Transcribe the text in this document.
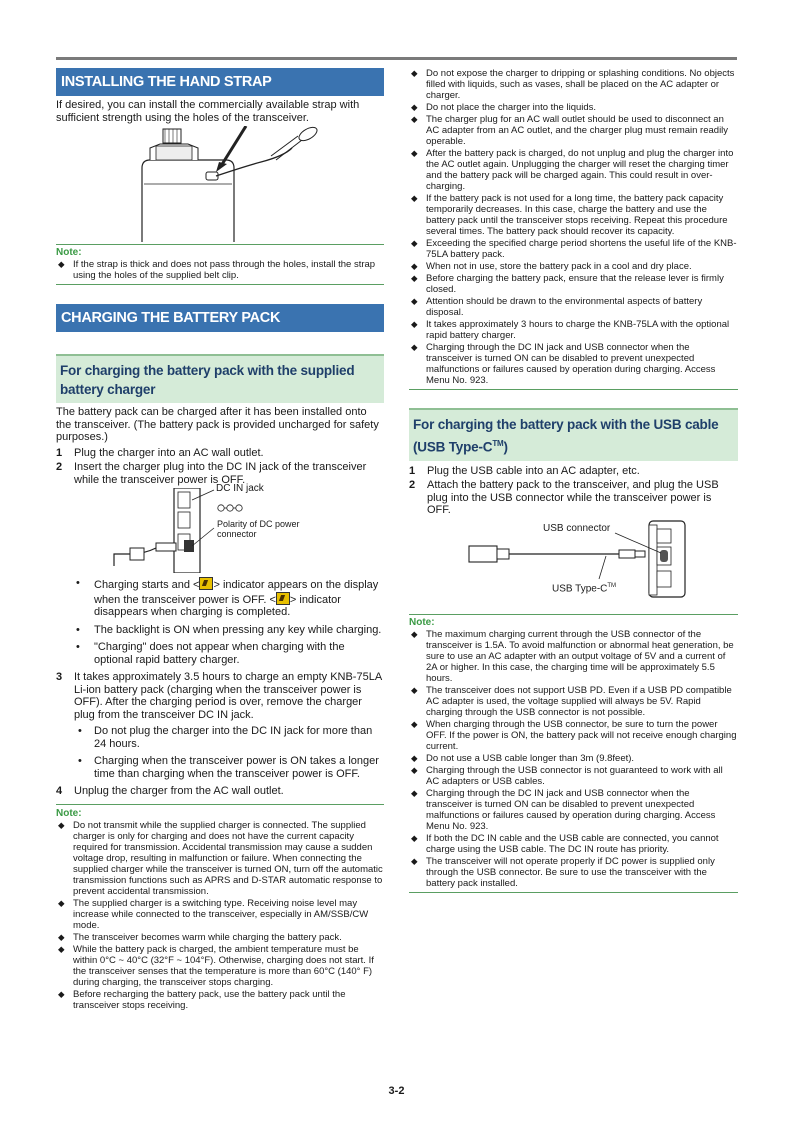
INSTALLING THE HAND STRAP

If desired, you can install the commercially available strap with sufficient strength using the holes of the transceiver.

Note:

◆ If the strap is thick and does not pass through the holes, install the strap using the holes of the supplied belt clip.
CHARGING THE BATTERY PACK
For charging the battery pack with the supplied battery charger

The battery pack can be charged after it has been installed onto the transceiver. (The battery pack is provided uncharged for safety purposes.)

1 Plug the charger into an AC wall outlet.
2 Insert the charger plug into the DC IN jack of the transceiver while the transceiver power is OFF.
DC IN jack
Polarity of DC power connector
• Charging starts and < > indicator appears on the display when the transceiver power is OFF. < > indicator disappears when charging is completed.
• The backlight is ON when pressing any key while charging.
• "Charging" does not appear when charging with the optional rapid battery charger.
3 It takes approximately 3.5 hours to charge an empty KNB-75LA Li-ion battery pack (charging when the transceiver power is OFF). After the charging period is over, remove the charger plug from the transceiver DC IN jack.
• Do not plug the charger into the DC IN jack for more than 24 hours.
• Charging when the transceiver power is ON takes a longer time than charging when the transceiver power is OFF.
4 Unplug the charger from the AC wall outlet.

Note:

◆ Do not transmit while the supplied charger is connected. The supplied charger is only for charging and does not have the current capacity required for transmission. Accidental transmission may cause a sudden voltage drop, resulting in malfunction or failure. When connecting the supplied charger while the transceiver is turned ON, turn off the automatic transmission functions such as APRS and D-STAR automatic response to prevent accidental transmission.
◆ The supplied charger is a switching type. Receiving noise level may increase while connected to the transceiver, especially in AM/SSB/CW mode.
◆ The transceiver becomes warm while charging the battery pack.
◆ While the battery pack is charged, the ambient temperature must be within 0°C ~ 40°C (32°F ~ 104°F). Otherwise, charging does not start. If the transceiver senses that the temperature is more than 60°C (140° F) during charging, the transceiver stops charging.
◆ Before recharging the battery pack, use the battery pack until the transceiver stops receiving.
◆ Do not expose the charger to dripping or splashing conditions. No objects filled with liquids, such as vases, shall be placed on the AC adapter or charger.
◆ Do not place the charger into the liquids.
◆ The charger plug for an AC wall outlet should be used to disconnect an AC adapter from an AC outlet, and the charger plug must remain readily operable.
◆ After the battery pack is charged, do not unplug and plug the charger into the AC outlet again. Unplugging the charger will reset the charging timer and the battery pack will be charged again. This could result in over-charging.
◆ If the battery pack is not used for a long time, the battery pack capacity temporarily decreases. In this case, charge the battery and use the battery pack until the transceiver stops receiving. Repeat this procedure several times. The battery pack should recover its capacity.
◆ Exceeding the specified charge period shortens the useful life of the KNB-75LA battery pack.
◆ When not in use, store the battery pack in a cool and dry place.
◆ Before charging the battery pack, ensure that the release lever is firmly closed.
◆ Attention should be drawn to the environmental aspects of battery disposal.
◆ It takes approximately 3 hours to charge the KNB-75LA with the optional rapid battery charger.
◆ Charging through the DC IN jack and USB connector when the transceiver is turned ON can be disabled to prevent unexpected malfunctions or failures caused by operation during charging. Access Menu No. 923.
For charging the battery pack with the USB cable (USB Type-C™)
1 Plug the USB cable into an AC adapter, etc.
2 Attach the battery pack to the transceiver, and plug the USB plug into the USB connector while the transceiver power is OFF.
USB connector
USB Type-C™

Note:

◆ The maximum charging current through the USB connector of the transceiver is 1.5A. To avoid malfunction or abnormal heat generation, be sure to use an AC adapter with an output voltage of 5V and a current of 2A or higher. In this case, the charging time will be approximately 5.5 hours.
◆ The transceiver does not support USB PD. Even if a USB PD compatible AC adapter is used, the voltage supplied will always be 5V. Rapid charging through the USB connector is not possible.
◆ When charging through the USB connector, be sure to turn the power OFF. If the power is ON, the battery pack will not receive enough charging current.
◆ Do not use a USB cable longer than 3m (9.8feet).
◆ Charging through the USB connector is not guaranteed to work with all AC adapters or USB cables.
◆ Charging through the DC IN jack and USB connector when the transceiver is turned ON can be disabled to prevent unexpected malfunctions or failures caused by operation during charging. Access Menu No. 923.
◆ If both the DC IN cable and the USB cable are connected, you cannot charge using the USB cable. The DC IN route has priority.
◆ The transceiver will not operate properly if DC power is supplied only through the USB connector. Be sure to use the transceiver with the battery pack installed.
3-2
